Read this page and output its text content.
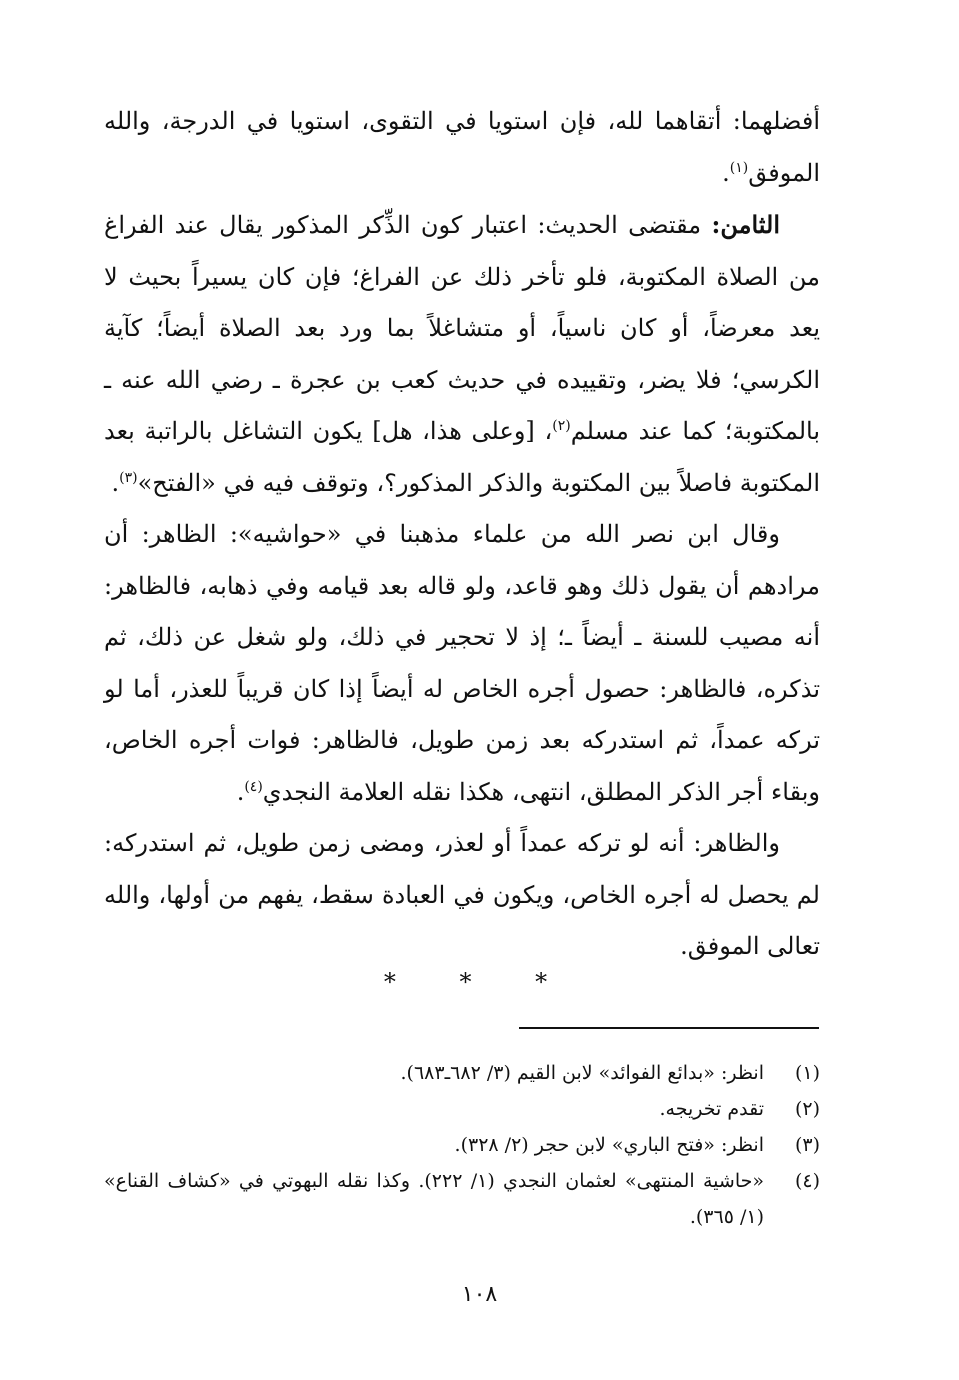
أفضلهما: أتقاهما لله، فإن استويا في التقوى، استويا في الدرجة، والله الموفق$^{(١)}$.

الثامن: مقتضى الحديث: اعتبار كون الذِّكر المذكور يقال عند الفراغ من الصلاة المكتوبة، فلو تأخر ذلك عن الفراغ؛ فإن كان يسيراً بحيث لا يعد معرضاً، أو كان ناسياً، أو متشاغلاً بما ورد بعد الصلاة أيضاً؛ كآية الكرسي؛ فلا يضر، وتقييده في حديث كعب بن عجرة ـ رضي الله عنه ـ بالمكتوبة؛ كما عند مسلم$^{(٢)}$، [وعلى هذا، هل] يكون التشاغل بالراتبة بعد المكتوبة فاصلاً بين المكتوبة والذكر المذكور؟، وتوقف فيه في «الفتح»$^{(٣)}$.

وقال ابن نصر الله من علماء مذهبنا في «حواشيه»: الظاهر: أن مرادهم أن يقول ذلك وهو قاعد، ولو قاله بعد قيامه وفي ذهابه، فالظاهر: أنه مصيب للسنة ـ أيضاً ـ؛ إذ لا تحجير في ذلك، ولو شغل عن ذلك، ثم تذكره، فالظاهر: حصول أجره الخاص له أيضاً إذا كان قريباً للعذر، أما لو تركه عمداً، ثم استدركه بعد زمن طويل، فالظاهر: فوات أجره الخاص، وبقاء أجر الذكر المطلق، انتهى، هكذا نقله العلامة النجدي$^{(٤)}$.

والظاهر: أنه لو تركه عمداً أو لعذر، ومضى زمن طويل، ثم استدركه: لم يحصل له أجره الخاص، ويكون في العبادة سقط، يفهم من أولها، والله تعالى الموفق.

* * *
(١)
انظر: «بدائع الفوائد» لابن القيم (٣/ ٦٨٢ـ٦٨٣).
(٢)
تقدم تخريجه.
(٣)
انظر: «فتح الباري» لابن حجر (٢/ ٣٢٨).
(٤)
«حاشية المنتهى» لعثمان النجدي (١/ ٢٢٢). وكذا نقله البهوتي في «كشاف القناع» (١/ ٣٦٥).
١٠٨
